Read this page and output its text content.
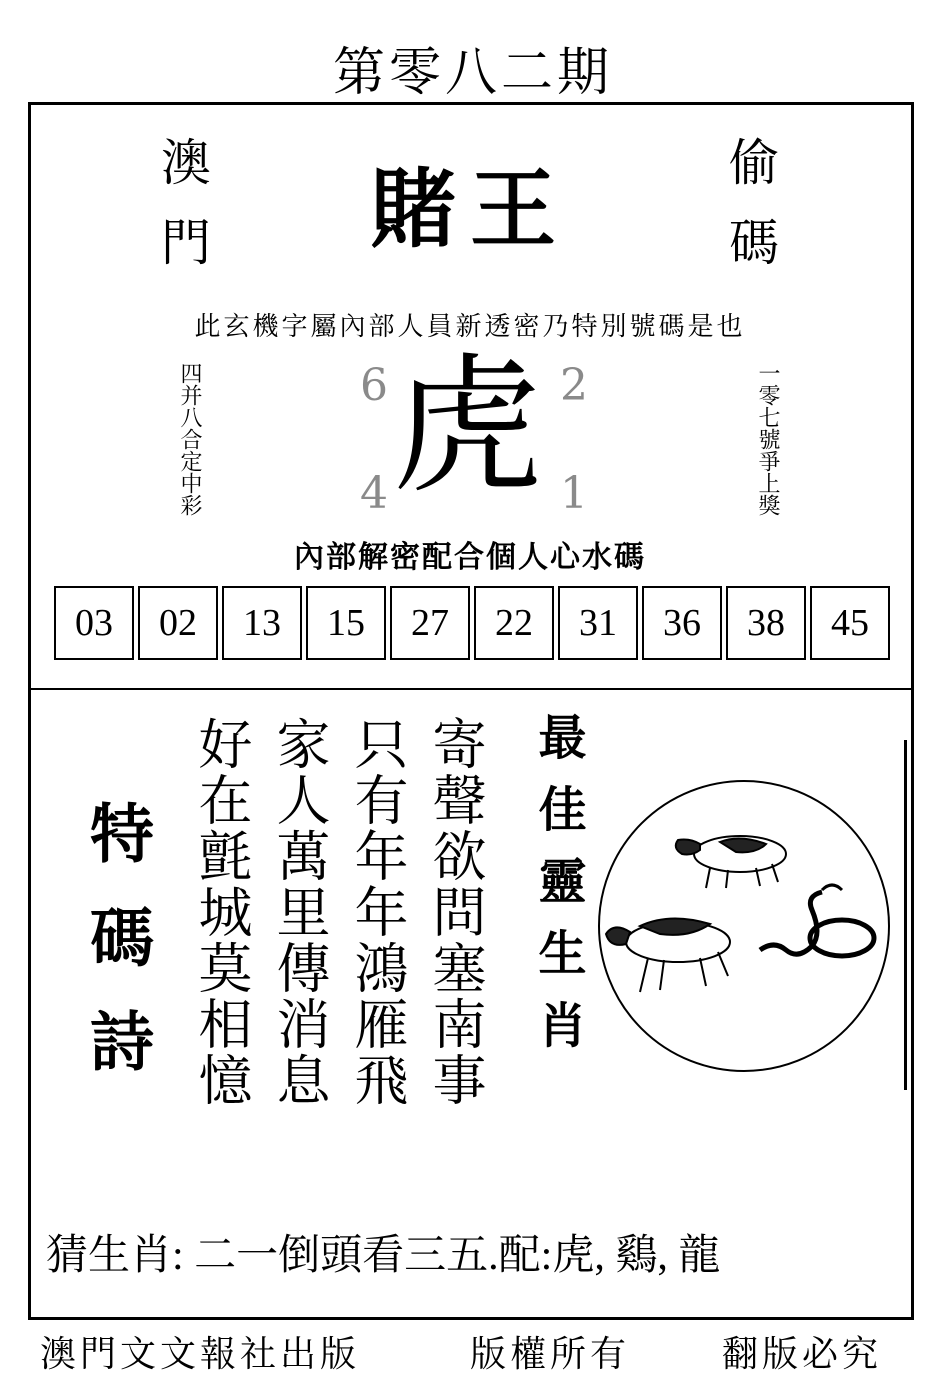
第零八二期
澳門	偷碼
賭王
此玄機字屬內部人員新透密乃特別號碼是也
四并八合定中彩	一零七號爭上獎
6	2
4	1
虎
內部解密配合個人心水碼
03	02	13	15	27	22	31	36	38	45
特碼詩	寄聲欲問塞南事
只有年年鴻雁飛
家人萬里傳消息
好在氈城莫相憶	最佳靈生肖
猜生肖: 二一倒頭看三五.配:虎, 鷄, 龍
澳門文文報社出版	版權所有	翻版必究
